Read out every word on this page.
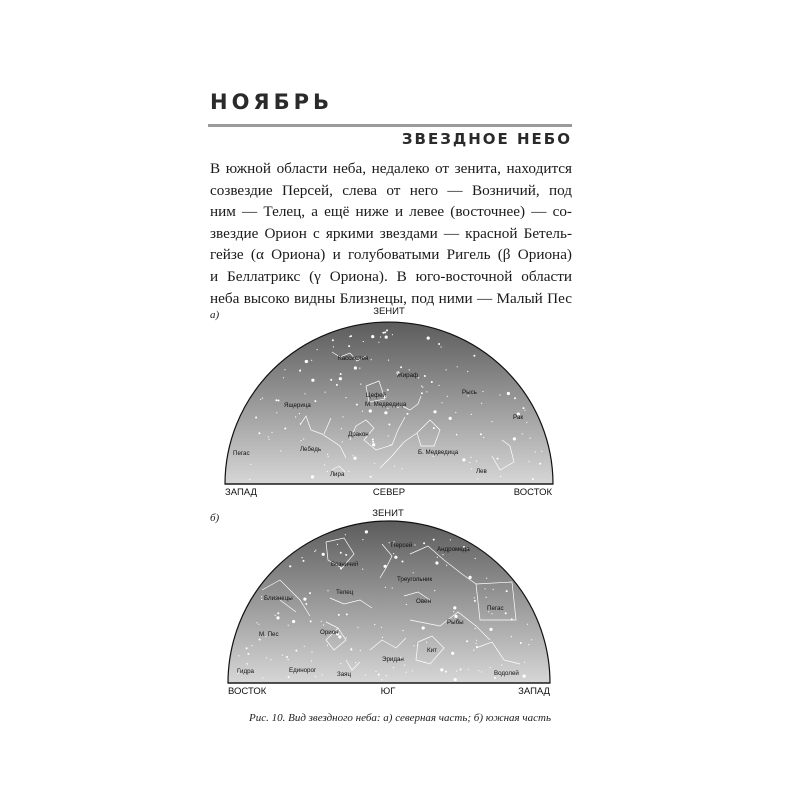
НОЯБРЬ
ЗВЕЗДНОЕ НЕБО
В южной области неба, недалеко от зенита, находится
созвездие Персей, слева от него — Возничий, под
ним — Телец, а ещё ниже и левее (восточнее) — со-
звездие Орион с яркими звездами — красной Бетель-
гейзе (α Ориона) и голубоватыми Ригель (β Ориона)
и Беллатрикс (γ Ориона). В юго-восточной области
неба высоко видны Близнецы, под ними — Малый Пес
а)
Кассиопея
Жираф
Рысь
Цефей
Ящерица	М. Медведица
Рак
Дракон
Лебедь
Пегас	Б. Медведица
Лира	Лев
ЗЕНИТ
ЗАПАД	СЕВЕР	ВОСТОК
Персей
Андромеда
Возничий
Треугольник
Близнецы
Телец
Овен
Пегас
М. Пес	Орион
Рыбы
Кит
Эридан
Гидра	Единорог
Заяц	Водолей
ЗЕНИТ
ВОСТОК	ЮГ	ЗАПАД
б)
Рис. 10. Вид звездного неба: а) северная часть; б) южная часть
